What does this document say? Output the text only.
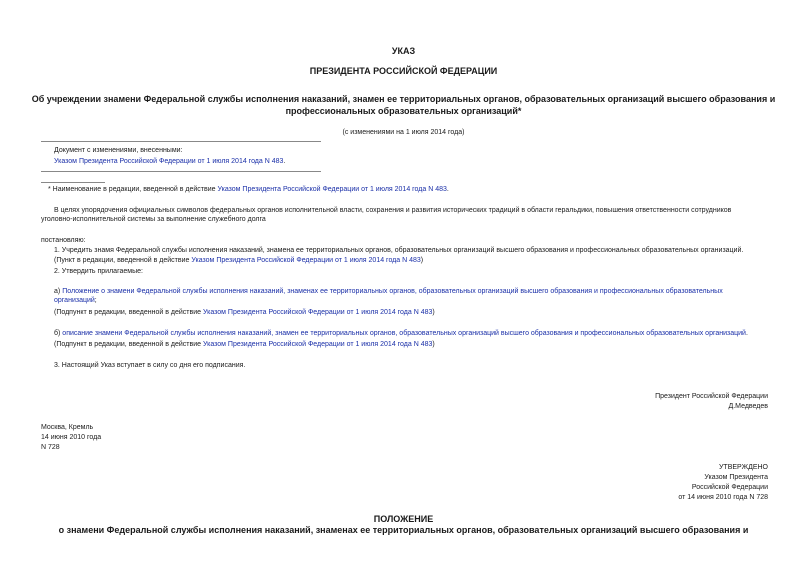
УКАЗ
ПРЕЗИДЕНТА РОССИЙСКОЙ ФЕДЕРАЦИИ
Об учреждении знамени Федеральной службы исполнения наказаний, знамен ее территориальных органов, образовательных организаций высшего образования и
профессиональных образовательных организаций*
(с изменениями на 1 июля 2014 года)
Документ с изменениями, внесенными:
Указом Президента Российской Федерации от 1 июля 2014 года N 483.
* Наименование в редакции, введенной в действие Указом Президента Российской Федерации от 1 июля 2014 года N 483.
В целях упорядочения официальных символов федеральных органов исполнительной власти, сохранения и развития исторических традиций в области геральдики, повышения ответственности сотрудников
уголовно-исполнительной системы за выполнение служебного долга
постановляю:
1. Учредить знамя Федеральной службы исполнения наказаний, знамена ее территориальных органов, образовательных организаций высшего образования и профессиональных образовательных организаций.
(Пункт в редакции, введенной в действие Указом Президента Российской Федерации от 1 июля 2014 года N 483)
2. Утвердить прилагаемые:
а) Положение о знамени Федеральной службы исполнения наказаний, знаменах ее территориальных органов, образовательных организаций высшего образования и профессиональных образовательных
организаций;
(Подпункт в редакции, введенной в действие Указом Президента Российской Федерации от 1 июля 2014 года N 483)
б) описание знамени Федеральной службы исполнения наказаний, знамен ее территориальных органов, образовательных организаций высшего образования и профессиональных образовательных организаций.
(Подпункт в редакции, введенной в действие Указом Президента Российской Федерации от 1 июля 2014 года N 483)
3. Настоящий Указ вступает в силу со дня его подписания.
Президент Российской Федерации
Д.Медведев
Москва, Кремль
14 июня 2010 года
N 728
УТВЕРЖДЕНО
Указом Президента
Российской Федерации
от 14 июня 2010 года N 728
ПОЛОЖЕНИЕ
о знамени Федеральной службы исполнения наказаний, знаменах ее территориальных органов, образовательных организаций высшего образования и
